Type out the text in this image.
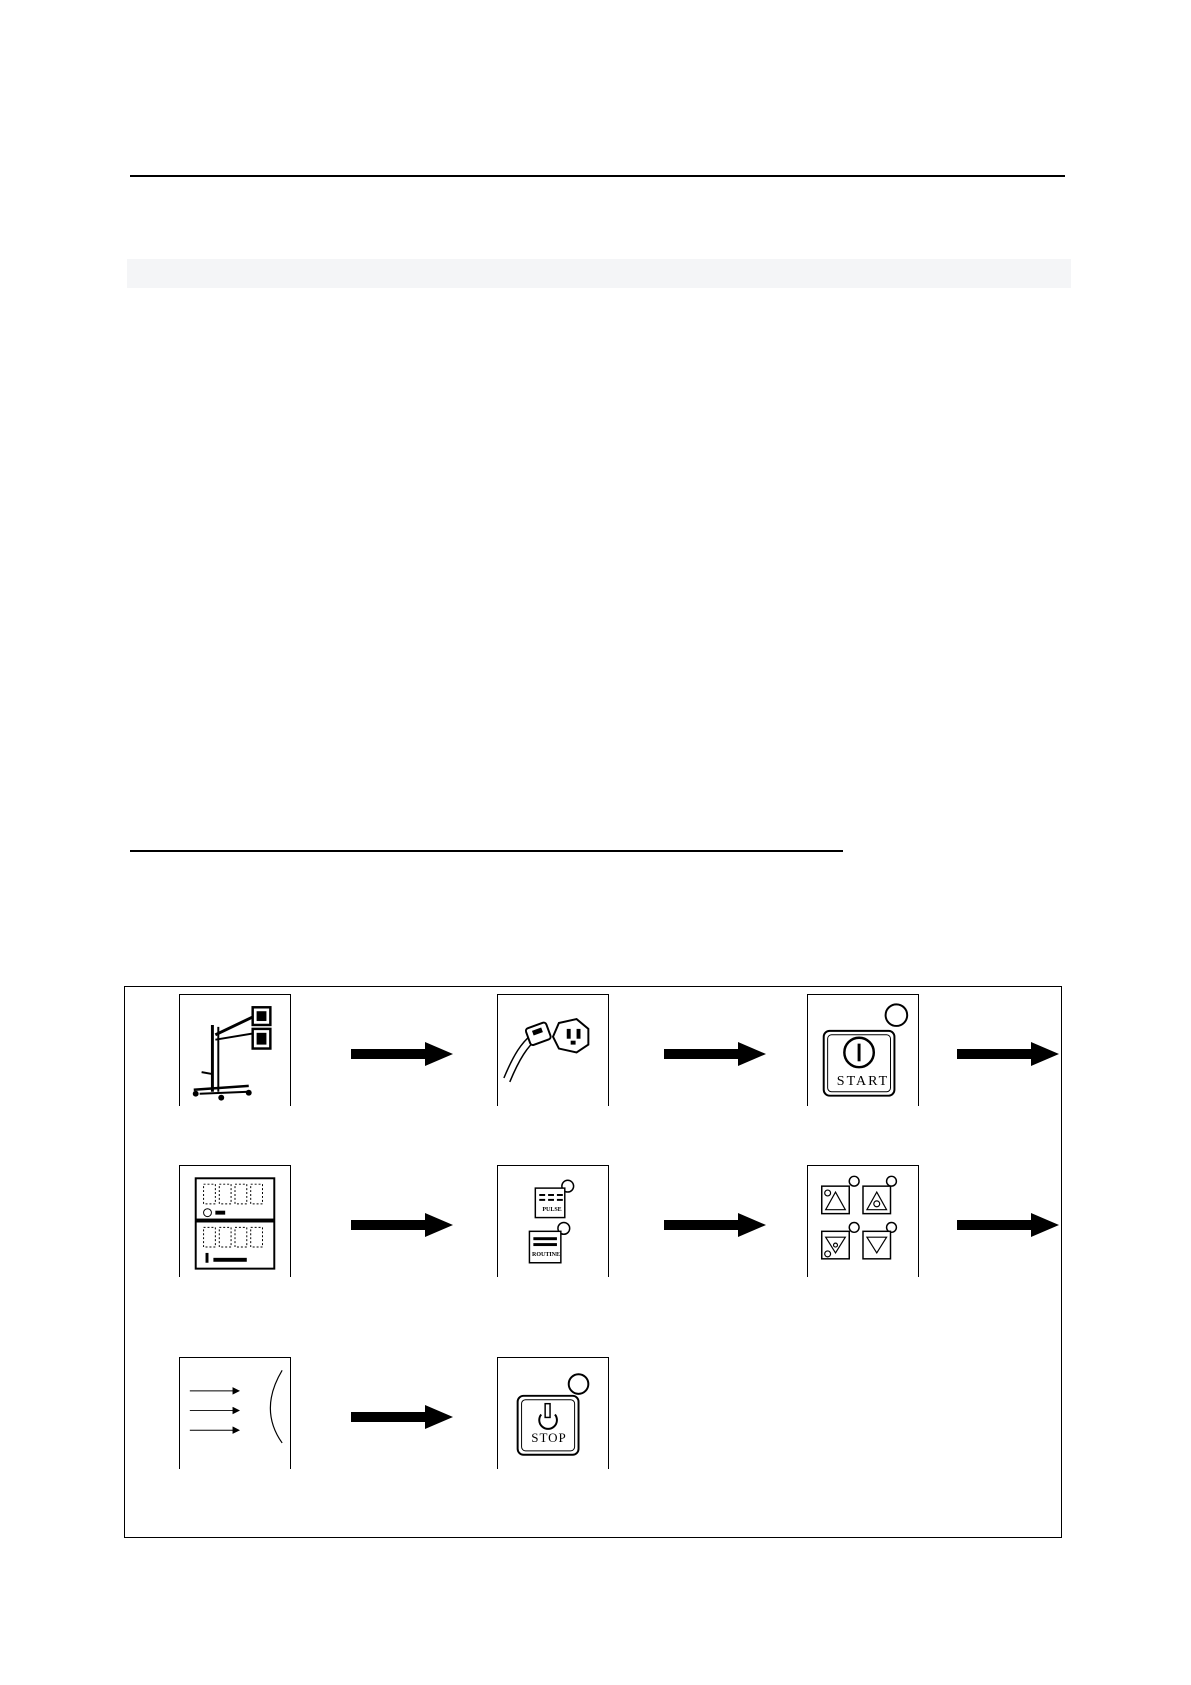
START
PULSE
ROUTINE
STOP
